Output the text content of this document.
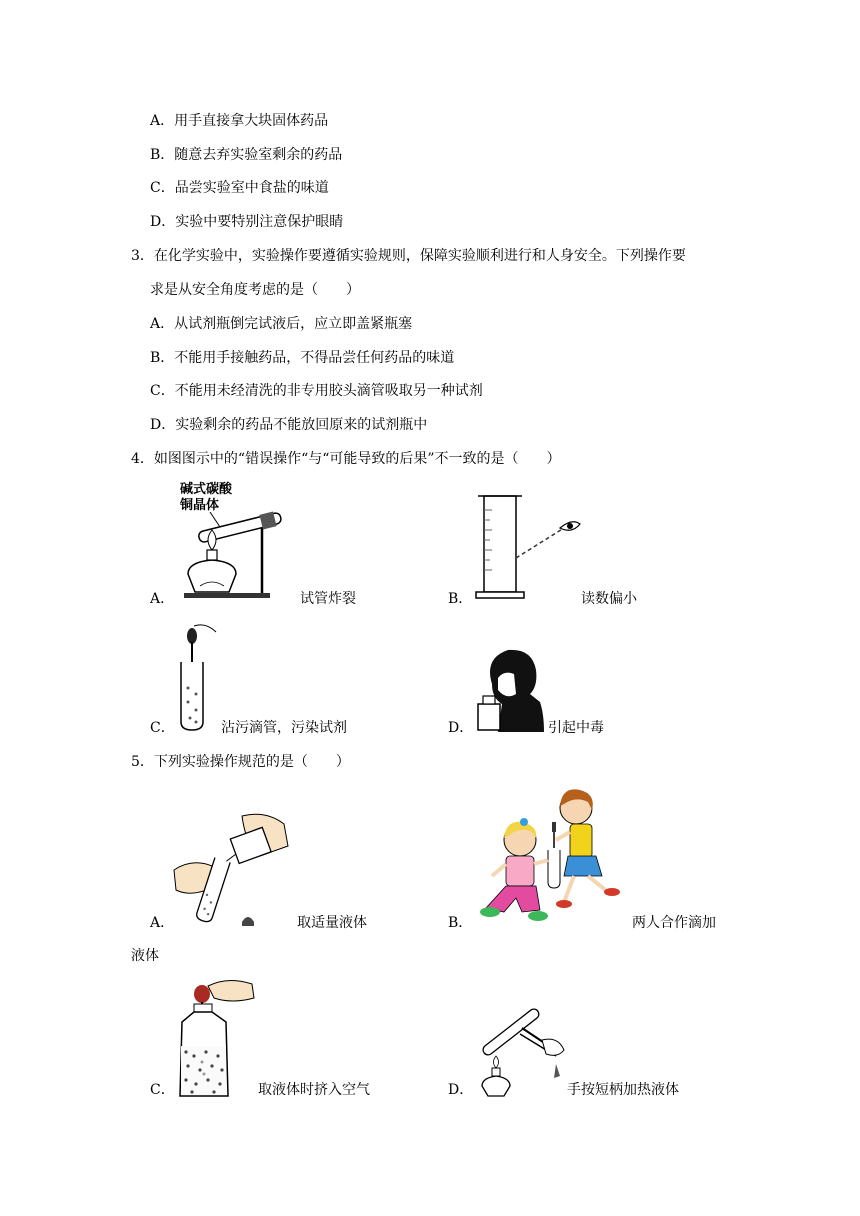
A．用手直接拿大块固体药品
B．随意去弃实验室剩余的药品
C．品尝实验室中食盐的味道
D．实验中要特别注意保护眼睛
3．在化学实验中，实验操作要遵循实验规则，保障实验顺利进行和人身安全。下列操作要
求是从安全角度考虑的是（　　）
A．从试剂瓶倒完试液后，应立即盖紧瓶塞
B．不能用手接触药品，不得品尝任何药品的味道
C．不能用未经清洗的非专用胶头滴管吸取另一种试剂
D．实验剩余的药品不能放回原来的试剂瓶中
4．如图图示中的“错误操作“与“可能导致的后果”不一致的是（　　）
碱式碳酸
铜晶体
A．	试管炸裂	B．	读数偏小
C．	沾污滴管，污染试剂	D．	引起中毒
5．下列实验操作规范的是（　　）
A．	取适量液体	B．	两人合作滴加
液体
C．	取液体时挤入空气	D．	手按短柄加热液体
